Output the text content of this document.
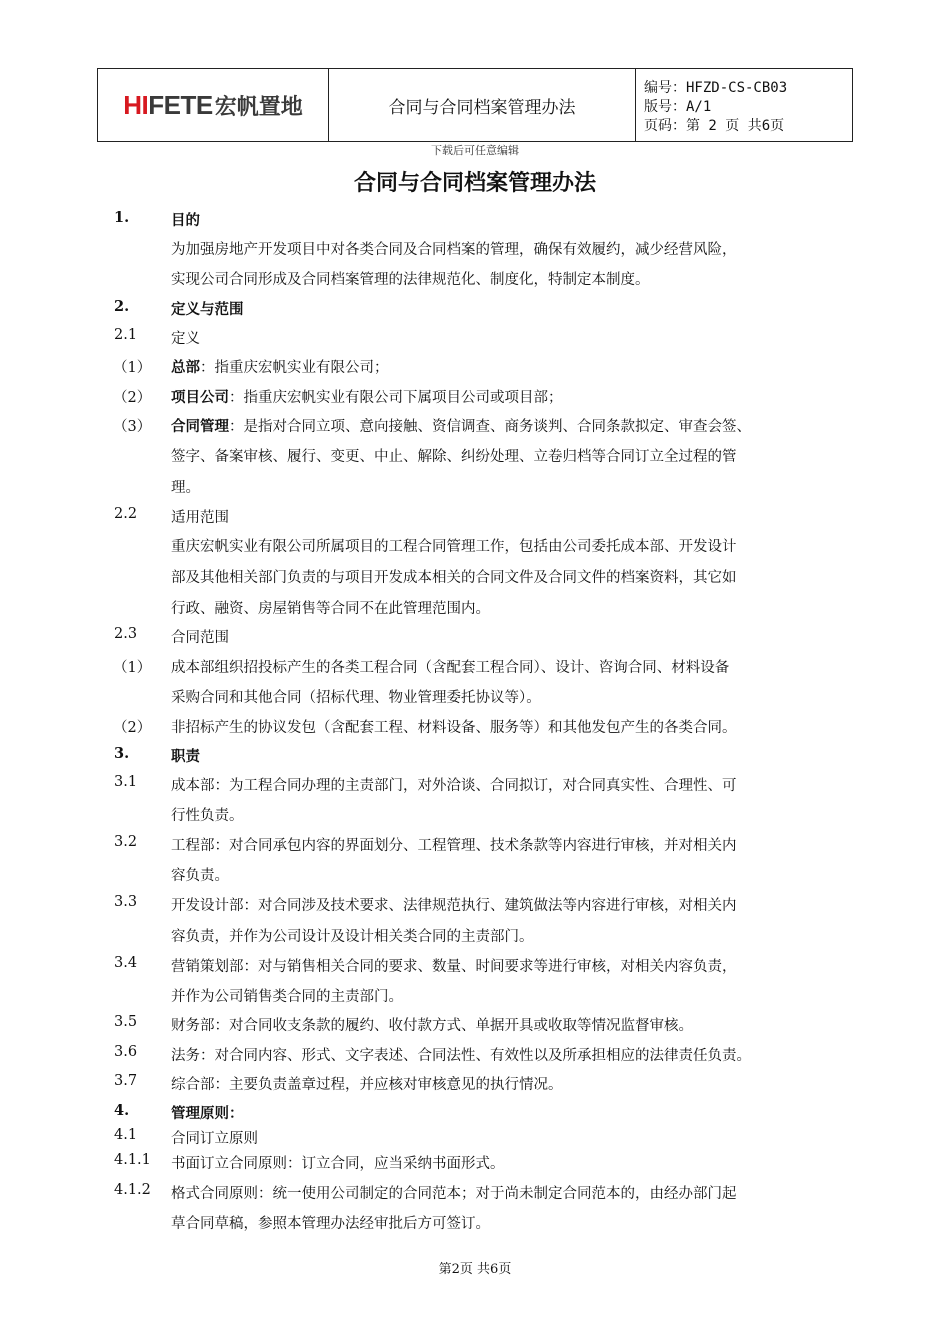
HIFETE宏帆置地	合同与合同档案管理办法
编号：HFZD-CS-CB03
版号：A/1
页码：第 2 页 共6页
下载后可任意编辑
合同与合同档案管理办法
1.	目的
为加强房地产开发项目中对各类合同及合同档案的管理，确保有效履约，减少经营风险，
实现公司合同形成及合同档案管理的法律规范化、制度化，特制定本制度。
2.	定义与范围
2.1 定义
（1） 总部：指重庆宏帆实业有限公司；
（2） 项目公司：指重庆宏帆实业有限公司下属项目公司或项目部；
（3） 合同管理：是指对合同立项、意向接触、资信调查、商务谈判、合同条款拟定、审查会签、
签字、备案审核、履行、变更、中止、解除、纠纷处理、立卷归档等合同订立全过程的管
理。
2.2 适用范围
重庆宏帆实业有限公司所属项目的工程合同管理工作，包括由公司委托成本部、开发设计
部及其他相关部门负责的与项目开发成本相关的合同文件及合同文件的档案资料，其它如
行政、融资、房屋销售等合同不在此管理范围内。
2.3 合同范围
（1） 成本部组织招投标产生的各类工程合同（含配套工程合同）、设计、咨询合同、材料设备
采购合同和其他合同（招标代理、物业管理委托协议等）。
（2） 非招标产生的协议发包（含配套工程、材料设备、服务等）和其他发包产生的各类合同。
3.	职责
3.1 成本部：为工程合同办理的主责部门，对外洽谈、合同拟订，对合同真实性、合理性、可
行性负责。
3.2 工程部：对合同承包内容的界面划分、工程管理、技术条款等内容进行审核，并对相关内
容负责。
3.3 开发设计部：对合同涉及技术要求、法律规范执行、建筑做法等内容进行审核，对相关内
容负责，并作为公司设计及设计相关类合同的主责部门。
3.4 营销策划部：对与销售相关合同的要求、数量、时间要求等进行审核，对相关内容负责，
并作为公司销售类合同的主责部门。
3.5 财务部：对合同收支条款的履约、收付款方式、单据开具或收取等情况监督审核。
3.6 法务：对合同内容、形式、文字表述、合同法性、有效性以及所承担相应的法律责任负责。
3.7 综合部：主要负责盖章过程，并应核对审核意见的执行情况。
4.	管理原则：
4.1 合同订立原则
4.1.1 书面订立合同原则：订立合同，应当采纳书面形式。
4.1.2 格式合同原则：统一使用公司制定的合同范本；对于尚未制定合同范本的，由经办部门起
草合同草稿，参照本管理办法经审批后方可签订。
第2页 共6页
